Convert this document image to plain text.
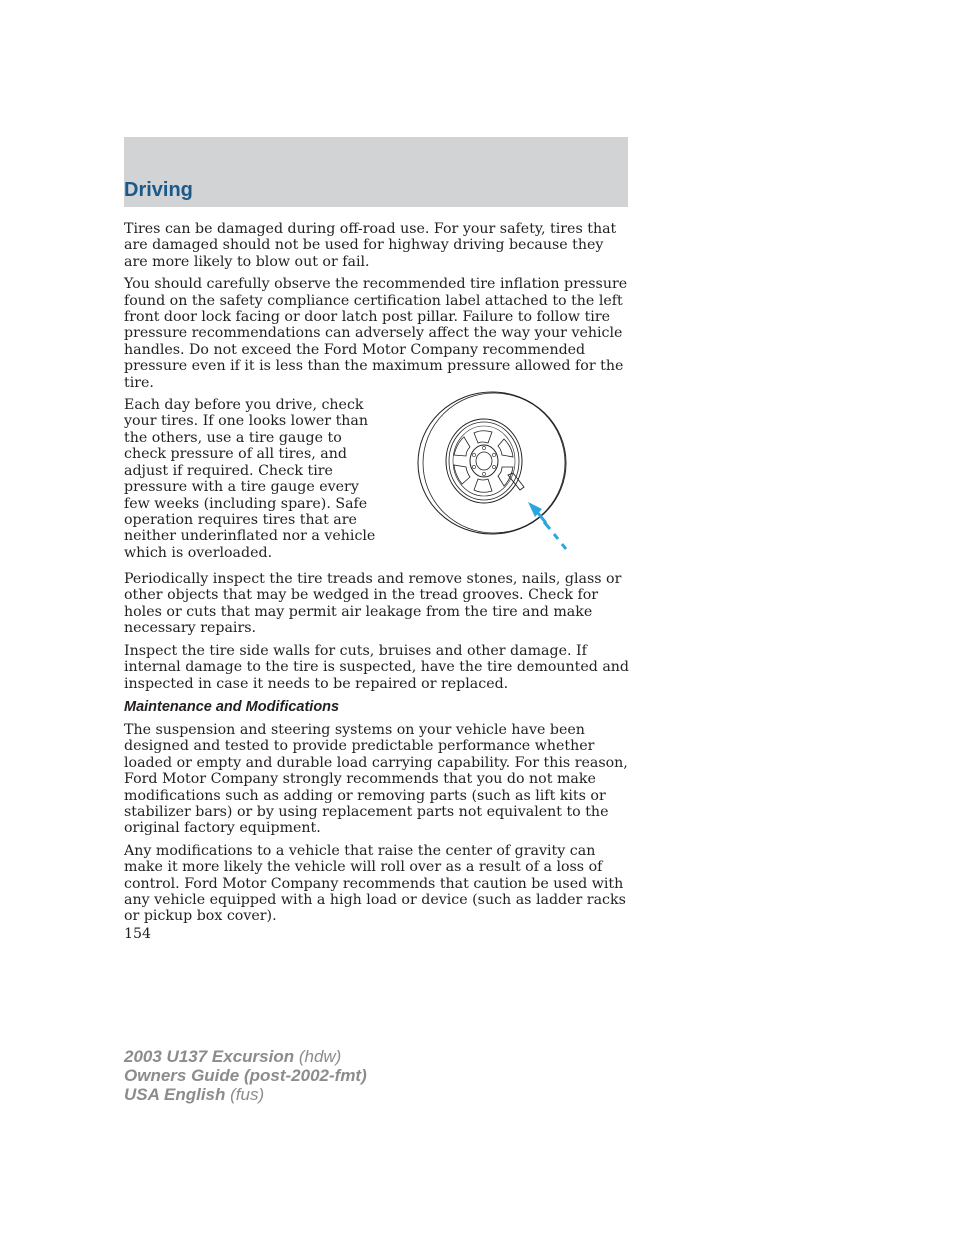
Driving

Tires can be damaged during off-road use. For your safety, tires that are damaged should not be used for highway driving because they are more likely to blow out or fail.

You should carefully observe the recommended tire inflation pressure found on the safety compliance certification label attached to the left front door lock facing or door latch post pillar. Failure to follow tire pressure recommendations can adversely affect the way your vehicle handles. Do not exceed the Ford Motor Company recommended pressure even if it is less than the maximum pressure allowed for the tire.

Each day before you drive, check your tires. If one looks lower than the others, use a tire gauge to check pressure of all tires, and adjust if required. Check tire pressure with a tire gauge every few weeks (including spare). Safe operation requires tires that are neither underinflated nor a vehicle which is overloaded.

Periodically inspect the tire treads and remove stones, nails, glass or other objects that may be wedged in the tread grooves. Check for holes or cuts that may permit air leakage from the tire and make necessary repairs.

Inspect the tire side walls for cuts, bruises and other damage. If internal damage to the tire is suspected, have the tire demounted and inspected in case it needs to be repaired or replaced.

Maintenance and Modifications

The suspension and steering systems on your vehicle have been designed and tested to provide predictable performance whether loaded or empty and durable load carrying capability. For this reason, Ford Motor Company strongly recommends that you do not make modifications such as adding or removing parts (such as lift kits or stabilizer bars) or by using replacement parts not equivalent to the original factory equipment.

Any modifications to a vehicle that raise the center of gravity can make it more likely the vehicle will roll over as a result of a loss of control. Ford Motor Company recommends that caution be used with any vehicle equipped with a high load or device (such as ladder racks or pickup box cover).

154
2003 U137 Excursion (hdw)
Owners Guide (post-2002-fmt)
USA English (fus)
